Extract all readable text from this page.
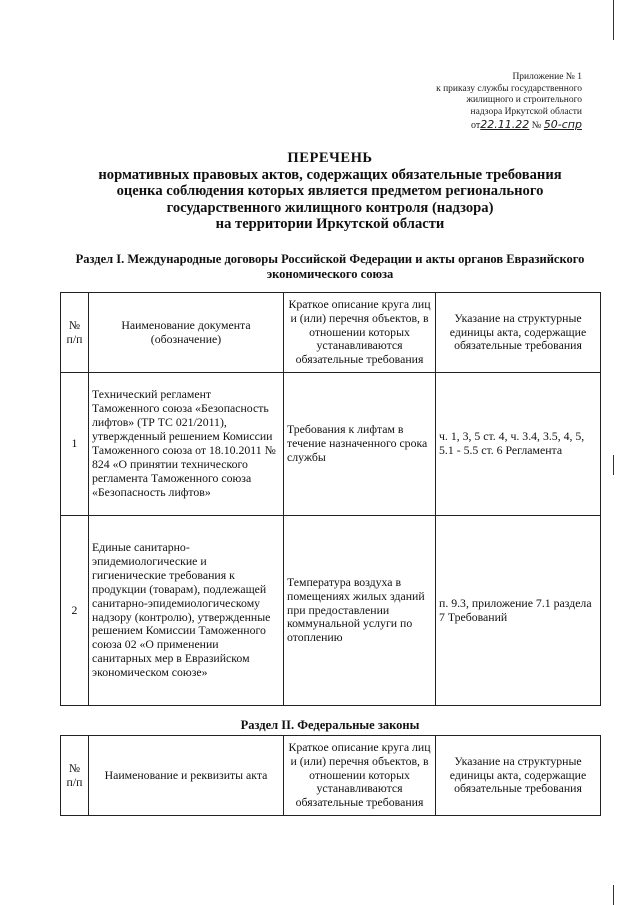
Приложение № 1
к приказу службы государственного
жилищного и строительного
надзора Иркутской области
от22.11.22 № 50-спр
ПЕРЕЧЕНЬ
нормативных правовых актов, содержащих обязательные требования
оценка соблюдения которых является предметом регионального
государственного жилищного контроля (надзора)
на территории Иркутской области
Раздел I. Международные договоры Российской Федерации и акты органов Евразийского экономического союза
№ п/п	Наименование документа (обозначение)	Краткое описание круга лиц и (или) перечня объектов, в отношении которых устанавливаются обязательные требования	Указание на структурные единицы акта, содержащие обязательные требования
1	Технический регламент Таможенного союза «Безопасность лифтов» (ТР ТС 021/2011), утвержденный решением Комиссии Таможенного союза от 18.10.2011 № 824 «О принятии технического регламента Таможенного союза «Безопасность лифтов»	Требования к лифтам в течение назначенного срока службы	ч. 1, 3, 5 ст. 4, ч. 3.4, 3.5, 4, 5, 5.1 - 5.5 ст. 6 Регламента
2	Единые санитарно-эпидемиологические и гигиенические требования к продукции (товарам), подлежащей санитарно-эпидемиологическому надзору (контролю), утвержденные решением Комиссии Таможенного союза 02 «О применении санитарных мер в Евразийском экономическом союзе»	Температура воздуха в помещениях жилых зданий при предоставлении коммунальной услуги по отоплению	п. 9.3, приложение 7.1 раздела 7 Требований
Раздел II. Федеральные законы
№ п/п	Наименование и реквизиты акта	Краткое описание круга лиц и (или) перечня объектов, в отношении которых устанавливаются обязательные требования	Указание на структурные единицы акта, содержащие обязательные требования
